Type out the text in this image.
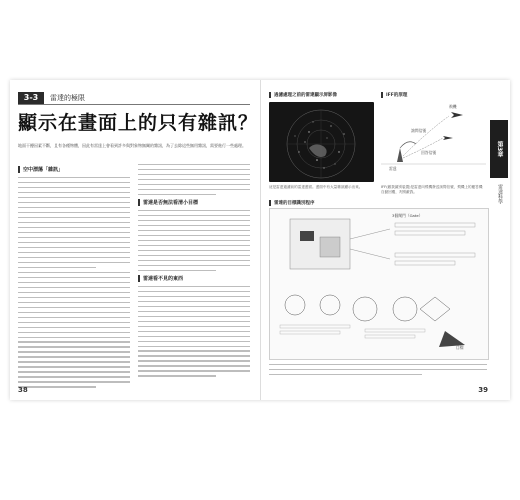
3-3	雷達的極限
顯示在畫面上的只有雜訊？
地面干擾因素不斷，且有各種物體，因此有雷達上會看到許多與對象物無關的雜訊，為了去除這些無用雜訊，需要進行一些處理。
空中漂蕩「雜訊」
雷達是否無法看清小目標
雷達看不見的東西
38
過濾處理之前的雷達顯示屏影像	IFF的原理
這是雷達過濾前的雷達畫面。畫面中有大量雜訊顯示出來。
雷達
飛機
詢問信號
回答信號
IFF(敵我識別裝置)是雷達向飛機發送詢問信號，飛機上的應答機自動回覆，判別敵我。
雷達的目標識別程序
3個閘門（Gate）
目標
第3章
雷達科學
39
